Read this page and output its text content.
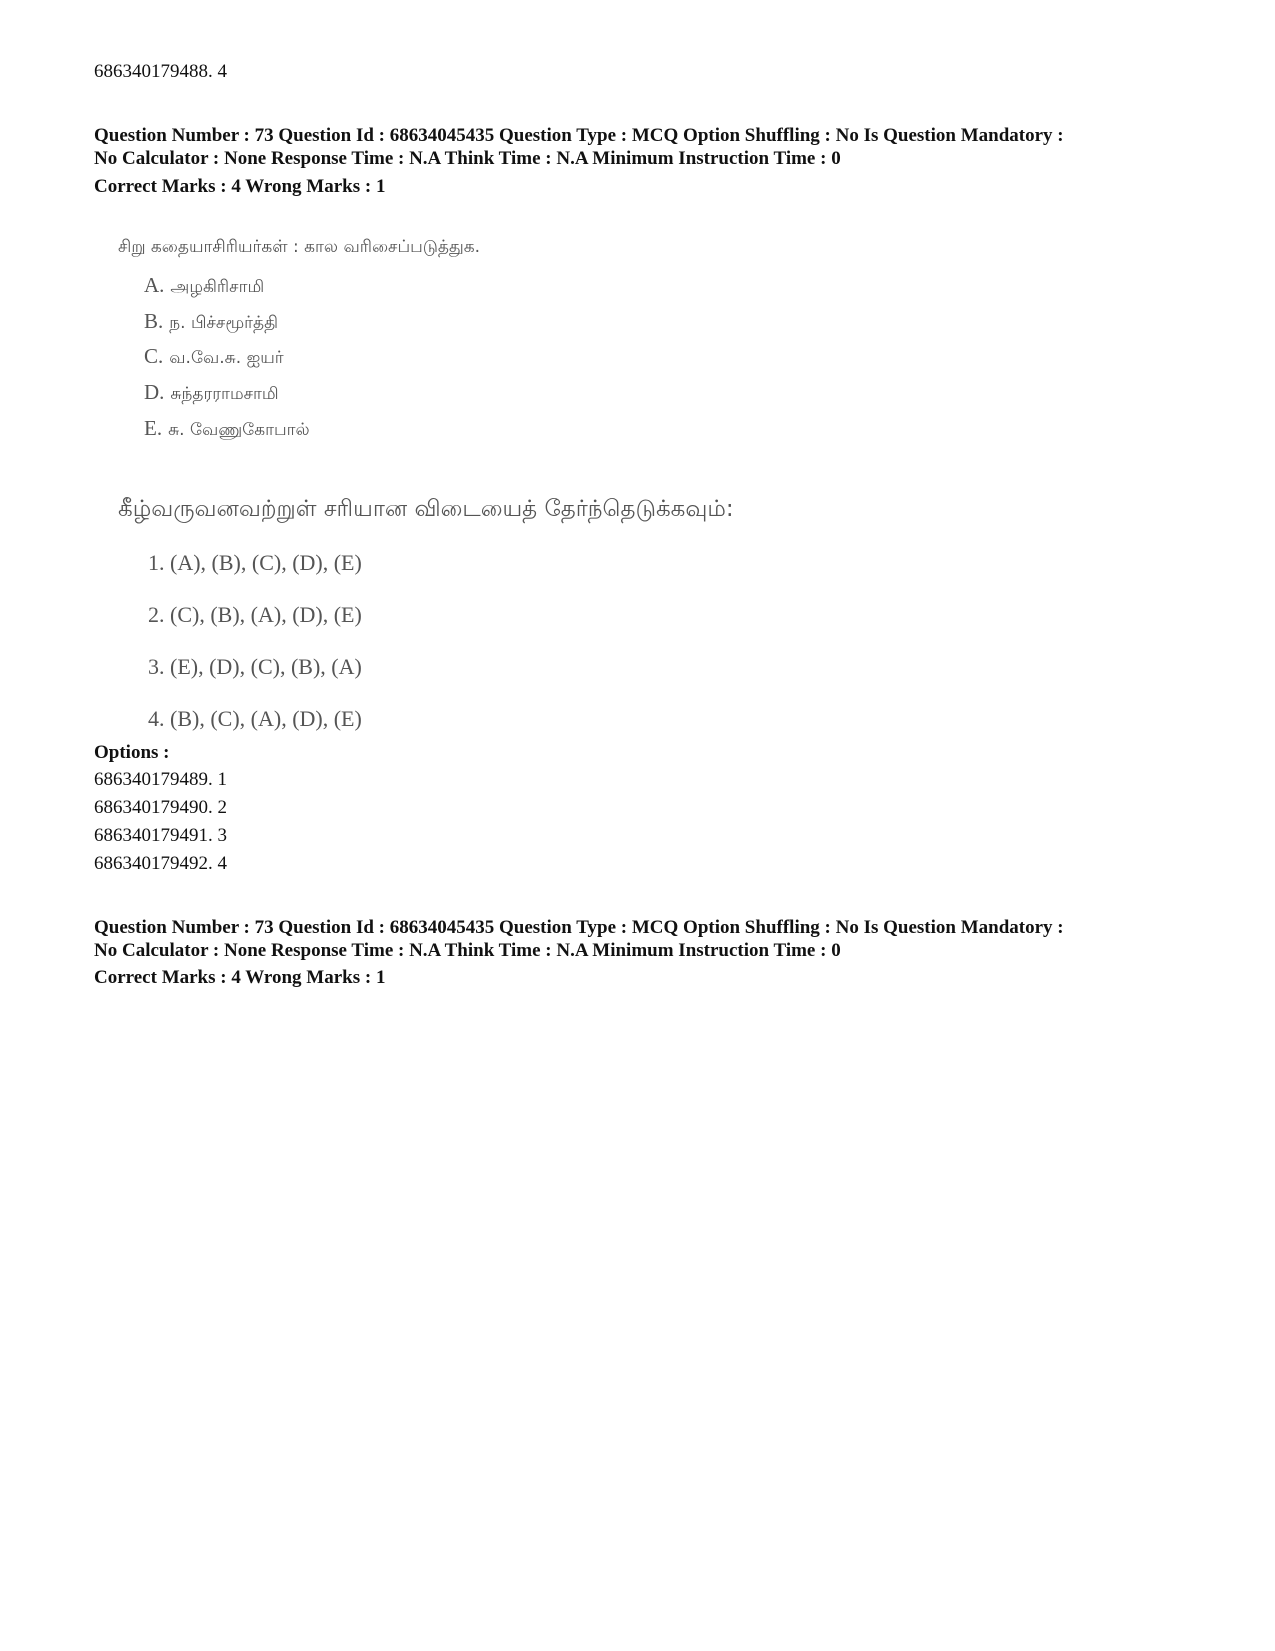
686340179488. 4
Question Number : 73 Question Id : 68634045435 Question Type : MCQ Option Shuffling : No Is Question Mandatory :
No Calculator : None Response Time : N.A Think Time : N.A Minimum Instruction Time : 0
Correct Marks : 4 Wrong Marks : 1
சிறு கதையாசிரியர்கள் : கால வரிசைப்படுத்துக.
A. அழகிரிசாமி
B. ந. பிச்சமூர்த்தி
C. வ.வே.சு. ஐயர்
D. சுந்தரராமசாமி
E. சு. வேணுகோபால்
கீழ்வருவனவற்றுள் சரியான விடையைத் தேர்ந்தெடுக்கவும்:
1. (A), (B), (C), (D), (E)
2. (C), (B), (A), (D), (E)
3. (E), (D), (C), (B), (A)
4. (B), (C), (A), (D), (E)
Options :
686340179489. 1
686340179490. 2
686340179491. 3
686340179492. 4
Question Number : 73 Question Id : 68634045435 Question Type : MCQ Option Shuffling : No Is Question Mandatory :
No Calculator : None Response Time : N.A Think Time : N.A Minimum Instruction Time : 0
Correct Marks : 4 Wrong Marks : 1
